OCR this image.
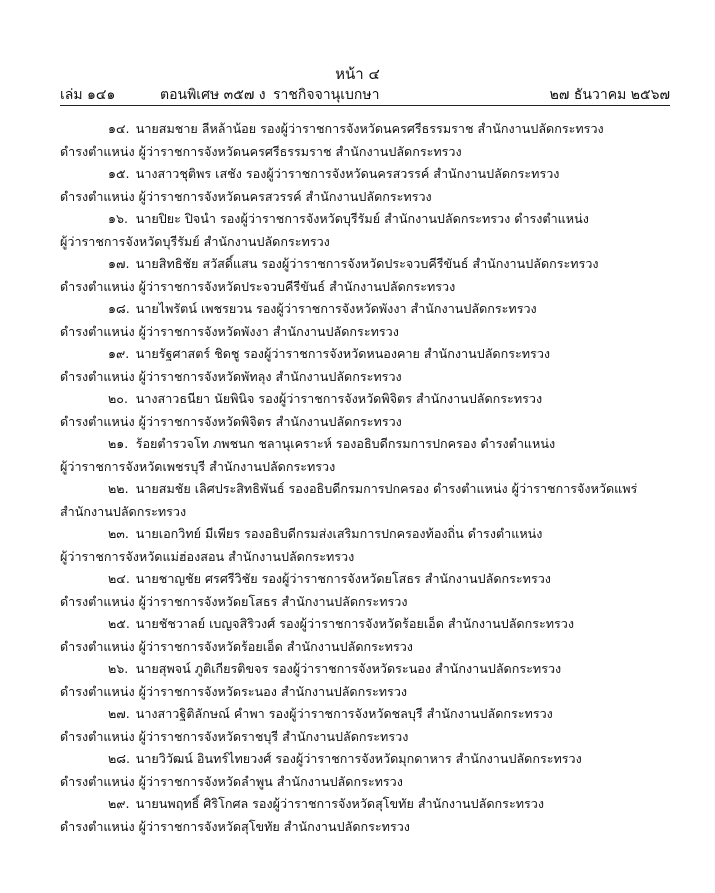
หน้า ๔
เล่ม ๑๔๑	ตอนพิเศษ ๓๕๗ ง ราชกิจจานุเบกษา	๒๗ ธันวาคม ๒๕๖๗

๑๔. นายสมชาย ลีหล้าน้อย รองผู้ว่าราชการจังหวัดนครศรีธรรมราช สำนักงานปลัดกระทรวง

ดำรงตำแหน่ง ผู้ว่าราชการจังหวัดนครศรีธรรมราช สำนักงานปลัดกระทรวง

๑๕. นางสาวชุติพร เสชัง รองผู้ว่าราชการจังหวัดนครสวรรค์ สำนักงานปลัดกระทรวง

ดำรงตำแหน่ง ผู้ว่าราชการจังหวัดนครสวรรค์ สำนักงานปลัดกระทรวง

๑๖. นายปิยะ ปิจนำ รองผู้ว่าราชการจังหวัดบุรีรัมย์ สำนักงานปลัดกระทรวง ดำรงตำแหน่ง

ผู้ว่าราชการจังหวัดบุรีรัมย์ สำนักงานปลัดกระทรวง

๑๗. นายสิทธิชัย สวัสดิ์แสน รองผู้ว่าราชการจังหวัดประจวบคีรีขันธ์ สำนักงานปลัดกระทรวง

ดำรงตำแหน่ง ผู้ว่าราชการจังหวัดประจวบคีรีขันธ์ สำนักงานปลัดกระทรวง

๑๘. นายไพรัตน์ เพชรยวน รองผู้ว่าราชการจังหวัดพังงา สำนักงานปลัดกระทรวง

ดำรงตำแหน่ง ผู้ว่าราชการจังหวัดพังงา สำนักงานปลัดกระทรวง

๑๙. นายรัฐศาสตร์ ชิดชู รองผู้ว่าราชการจังหวัดหนองคาย สำนักงานปลัดกระทรวง

ดำรงตำแหน่ง ผู้ว่าราชการจังหวัดพัทลุง สำนักงานปลัดกระทรวง

๒๐. นางสาวธนียา นัยพินิจ รองผู้ว่าราชการจังหวัดพิจิตร สำนักงานปลัดกระทรวง

ดำรงตำแหน่ง ผู้ว่าราชการจังหวัดพิจิตร สำนักงานปลัดกระทรวง

๒๑. ร้อยตำรวจโท ภพชนก ชลานุเคราะห์ รองอธิบดีกรมการปกครอง ดำรงตำแหน่ง

ผู้ว่าราชการจังหวัดเพชรบุรี สำนักงานปลัดกระทรวง

๒๒. นายสมชัย เลิศประสิทธิพันธ์ รองอธิบดีกรมการปกครอง ดำรงตำแหน่ง ผู้ว่าราชการจังหวัดแพร่

สำนักงานปลัดกระทรวง

๒๓. นายเอกวิทย์ มีเพียร รองอธิบดีกรมส่งเสริมการปกครองท้องถิ่น ดำรงตำแหน่ง

ผู้ว่าราชการจังหวัดแม่ฮ่องสอน สำนักงานปลัดกระทรวง

๒๔. นายชาญชัย ศรศรีวิชัย รองผู้ว่าราชการจังหวัดยโสธร สำนักงานปลัดกระทรวง

ดำรงตำแหน่ง ผู้ว่าราชการจังหวัดยโสธร สำนักงานปลัดกระทรวง

๒๕. นายชัชวาลย์ เบญจสิริวงศ์ รองผู้ว่าราชการจังหวัดร้อยเอ็ด สำนักงานปลัดกระทรวง

ดำรงตำแหน่ง ผู้ว่าราชการจังหวัดร้อยเอ็ด สำนักงานปลัดกระทรวง

๒๖. นายสุพจน์ ภูติเกียรติขจร รองผู้ว่าราชการจังหวัดระนอง สำนักงานปลัดกระทรวง

ดำรงตำแหน่ง ผู้ว่าราชการจังหวัดระนอง สำนักงานปลัดกระทรวง

๒๗. นางสาวฐิติลักษณ์ คำพา รองผู้ว่าราชการจังหวัดชลบุรี สำนักงานปลัดกระทรวง

ดำรงตำแหน่ง ผู้ว่าราชการจังหวัดราชบุรี สำนักงานปลัดกระทรวง

๒๘. นายวิวัฒน์ อินทร์ไทยวงศ์ รองผู้ว่าราชการจังหวัดมุกดาหาร สำนักงานปลัดกระทรวง

ดำรงตำแหน่ง ผู้ว่าราชการจังหวัดลำพูน สำนักงานปลัดกระทรวง

๒๙. นายนพฤทธิ์ ศิริโกศล รองผู้ว่าราชการจังหวัดสุโขทัย สำนักงานปลัดกระทรวง

ดำรงตำแหน่ง ผู้ว่าราชการจังหวัดสุโขทัย สำนักงานปลัดกระทรวง
